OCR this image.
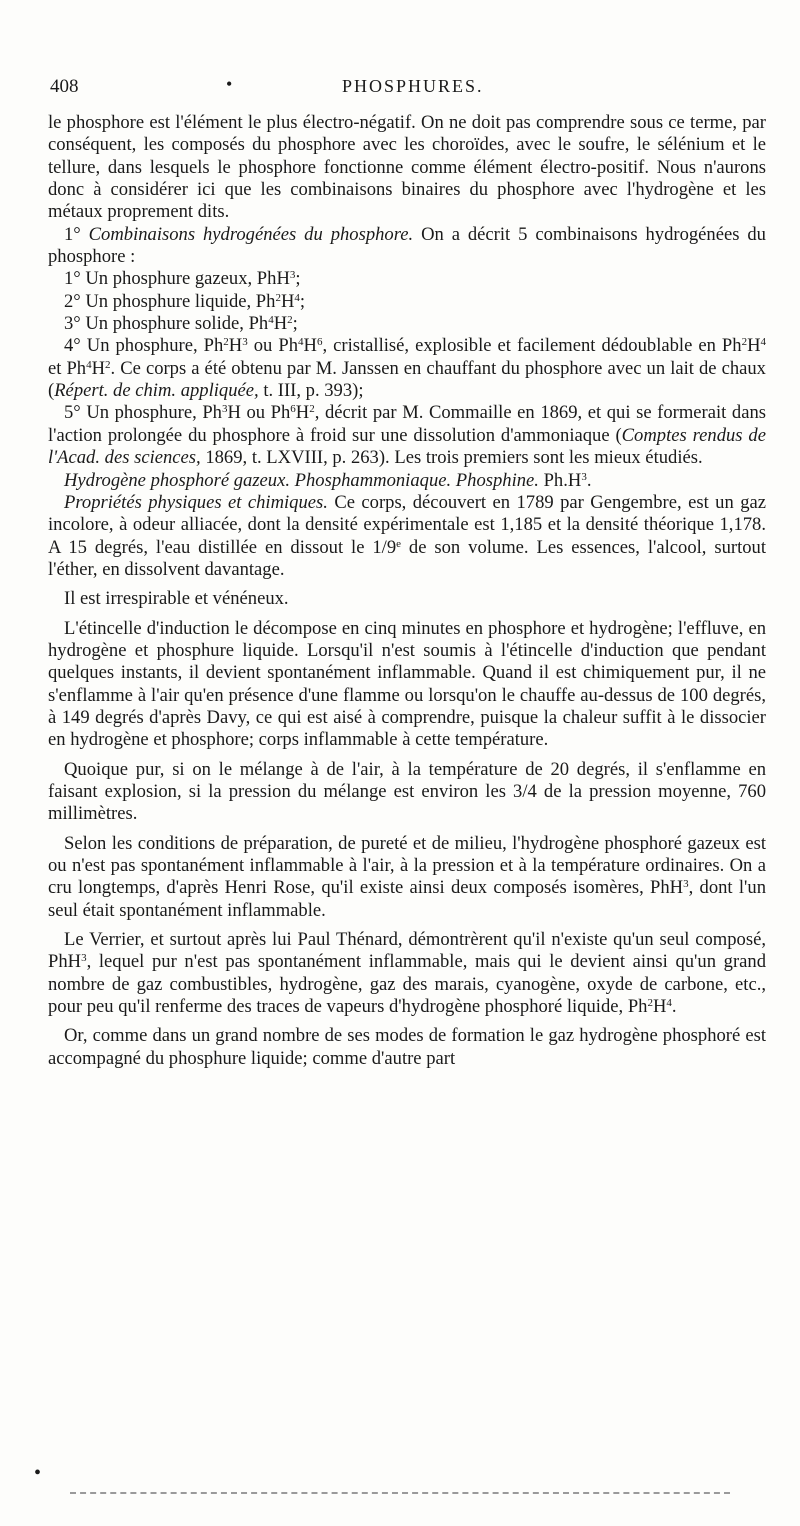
408	•	PHOSPHURES.

le phosphore est l'élément le plus électro-négatif. On ne doit pas comprendre sous ce terme, par conséquent, les composés du phosphore avec les choroïdes, avec le soufre, le sélénium et le tellure, dans lesquels le phosphore fonctionne comme élément électro-positif. Nous n'aurons donc à considérer ici que les combinaisons binaires du phosphore avec l'hydrogène et les métaux proprement dits.

1° Combinaisons hydrogénées du phosphore. On a décrit 5 combinaisons hydrogénées du phosphore :

1° Un phosphure gazeux, PhH$^3$;

2° Un phosphure liquide, $Ph^2H^4$;

3° Un phosphure solide, $Ph^4H^2$;

4° Un phosphure, $Ph^2H^3$ ou $Ph^4H^6$, cristallisé, explosible et facilement dédoublable en $Ph^2H^4$ et $Ph^4H^2$. Ce corps a été obtenu par M. Janssen en chauffant du phosphore avec un lait de chaux (Répert. de chim. appliquée, t. III, p. 393);

5° Un phosphure, Ph$^3$H ou $Ph^6H^2$, décrit par M. Commaille en 1869, et qui se formerait dans l'action prolongée du phosphore à froid sur une dissolution d'ammoniaque (Comptes rendus de l'Acad. des sciences, 1869, t. LXVIII, p. 263). Les trois premiers sont les mieux étudiés.

Hydrogène phosphoré gazeux. Phosphammoniaque. Phosphine. $Ph.H^3$.

Propriétés physiques et chimiques. Ce corps, découvert en 1789 par Gengembre, est un gaz incolore, à odeur alliacée, dont la densité expérimentale est 1,185 et la densité théorique 1,178. A 15 degrés, l'eau distillée en dissout le 1/9e de son volume. Les essences, l'alcool, surtout l'éther, en dissolvent davantage.

Il est irrespirable et vénéneux.

L'étincelle d'induction le décompose en cinq minutes en phosphore et hydrogène; l'effluve, en hydrogène et phosphure liquide. Lorsqu'il n'est soumis à l'étincelle d'induction que pendant quelques instants, il devient spontanément inflammable. Quand il est chimiquement pur, il ne s'enflamme à l'air qu'en présence d'une flamme ou lorsqu'on le chauffe au-dessus de 100 degrés, à 149 degrés d'après Davy, ce qui est aisé à comprendre, puisque la chaleur suffit à le dissocier en hydrogène et phosphore; corps inflammable à cette température.

Quoique pur, si on le mélange à de l'air, à la température de 20 degrés, il s'enflamme en faisant explosion, si la pression du mélange est environ les 3/4 de la pression moyenne, 760 millimètres.

Selon les conditions de préparation, de pureté et de milieu, l'hydrogène phosphoré gazeux est ou n'est pas spontanément inflammable à l'air, à la pression et à la température ordinaires. On a cru longtemps, d'après Henri Rose, qu'il existe ainsi deux composés isomères, PhH$^3$, dont l'un seul était spontanément inflammable.

Le Verrier, et surtout après lui Paul Thénard, démontrèrent qu'il n'existe qu'un seul composé, PhH$^3$, lequel pur n'est pas spontanément inflammable, mais qui le devient ainsi qu'un grand nombre de gaz combustibles, hydrogène, gaz des marais, cyanogène, oxyde de carbone, etc., pour peu qu'il renferme des traces de vapeurs d'hydrogène phosphoré liquide, $Ph^2H^4$.

Or, comme dans un grand nombre de ses modes de formation le gaz hydrogène phosphoré est accompagné du phosphure liquide; comme d'autre part

•
